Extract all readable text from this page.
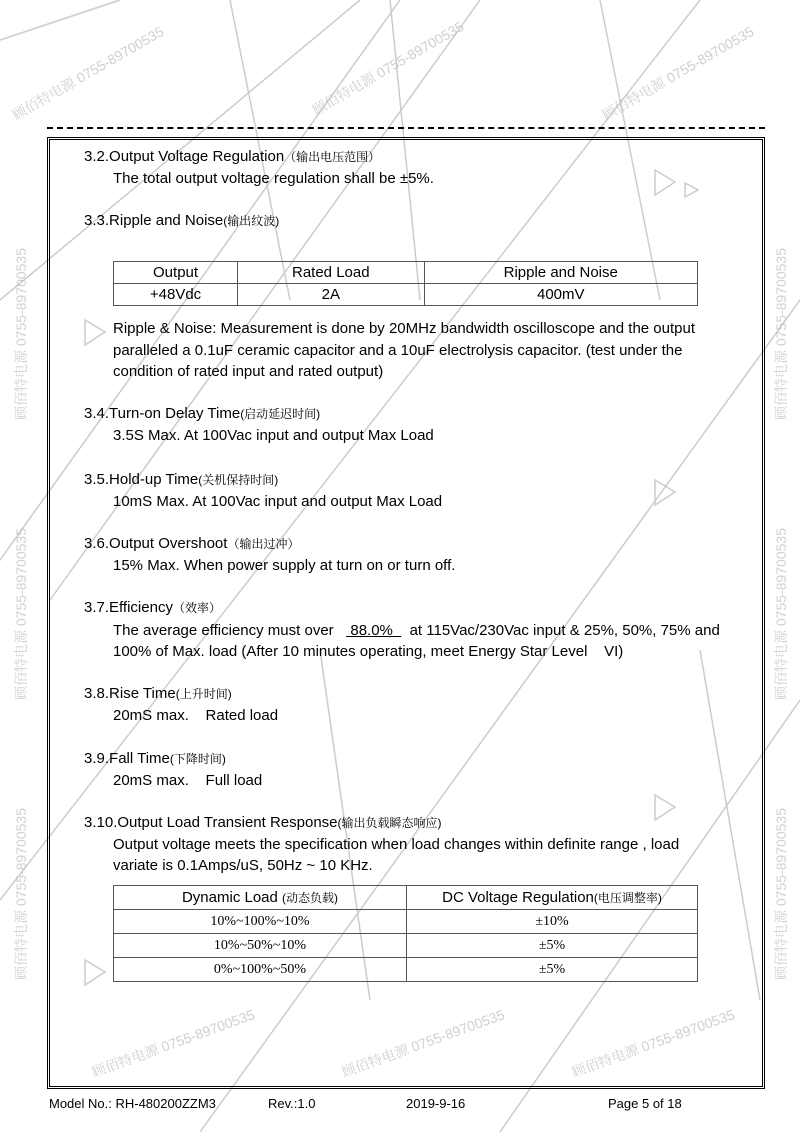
顾佰特电源 0755-89700535	顾佰特电源 0755-89700535	顾佰特电源 0755-89700535
顾佰特电源 0755-89700535	顾佰特电源 0755-89700535	顾佰特电源 0755-89700535
顾佰特电源 0755-89700535
顾佰特电源 0755-89700535
顾佰特电源 0755-89700535
顾佰特电源 0755-89700535
顾佰特电源 0755-89700535
顾佰特电源 0755-89700535
3.2.Output Voltage Regulation（输出电压范围）
The total output voltage regulation shall be ±5%.
3.3.Ripple and Noise(输出纹波)
3.4.Turn-on Delay Time(启动延迟时间)
3.5S Max. At 100Vac input and output Max Load
3.5.Hold-up Time(关机保持时间)
10mS Max. At 100Vac input and output Max Load
3.6.Output Overshoot（输出过冲）
15% Max. When power supply at turn on or turn off.
3.7.Efficiency（效率）
3.8.Rise Time(上升时间)
20mS max.    Rated load
3.9.Fall Time(下降时间)
20mS max.    Full load
3.10.Output Load Transient Response(输出负载瞬态响应)
Output voltage meets the specification when load changes within definite range , load
variate is 0.1Amps/uS, 50Hz ~ 10 KHz.
Output	Rated Load	Ripple and Noise
+48Vdc	2A	400mV
Ripple & Noise: Measurement is done by 20MHz bandwidth oscilloscope and the output
paralleled a 0.1uF ceramic capacitor and a 10uF electrolysis capacitor. (test under the
condition of rated input and rated output)
The average efficiency must over 88.0% at 115Vac/230Vac input & 25%, 50%, 75% and
100% of Max. load (After 10 minutes operating, meet Energy Star Level    VI)
Dynamic Load (动态负载)	DC Voltage Regulation(电压调整率)
10%~100%~10%	±10%
10%~50%~10%	±5%
0%~100%~50%	±5%
Model No.: RH-480200ZZM3	Rev.:1.0	2019-9-16	Page 5 of 18
